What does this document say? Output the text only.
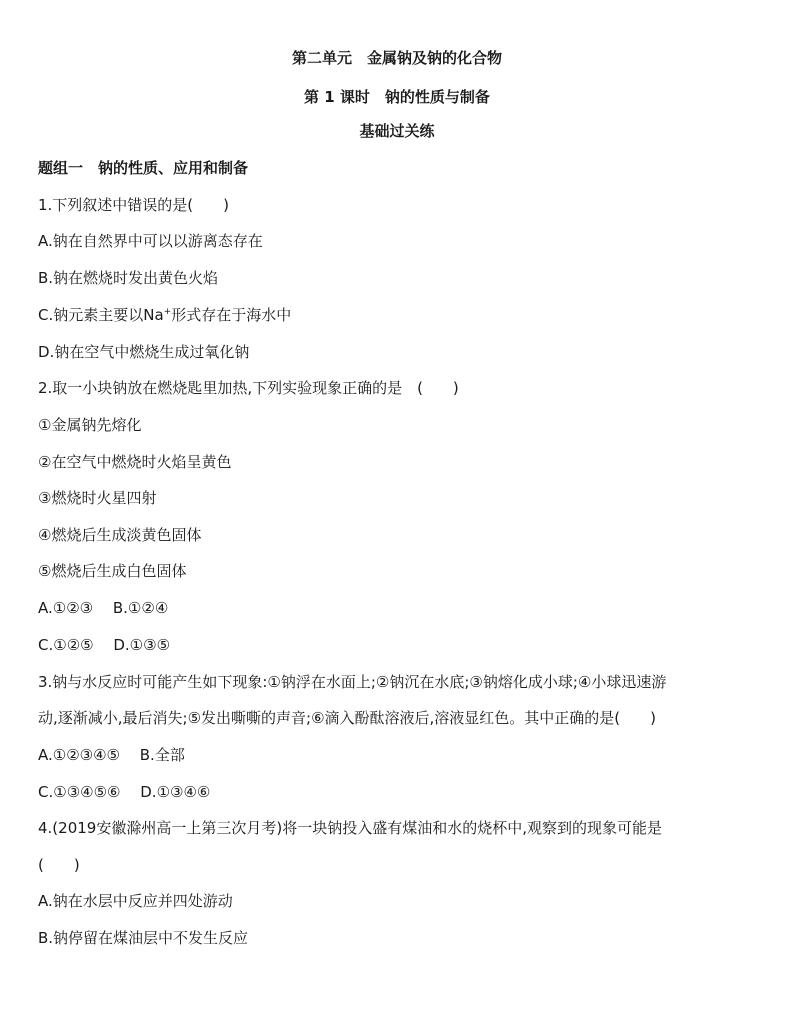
第二单元　金属钠及钠的化合物
第 1 课时　钠的性质与制备
基础过关练
题组一　钠的性质、应用和制备
1.下列叙述中错误的是(　　)
A.钠在自然界中可以以游离态存在
B.钠在燃烧时发出黄色火焰
C.钠元素主要以Na+形式存在于海水中
D.钠在空气中燃烧生成过氧化钠
2.取一小块钠放在燃烧匙里加热,下列实验现象正确的是　(　　)
①金属钠先熔化
②在空气中燃烧时火焰呈黄色
③燃烧时火星四射
④燃烧后生成淡黄色固体
⑤燃烧后生成白色固体
A.①②③　 B.①②④
C.①②⑤　 D.①③⑤
3.钠与水反应时可能产生如下现象:①钠浮在水面上;②钠沉在水底;③钠熔化成小球;④小球迅速游
动,逐渐减小,最后消失;⑤发出嘶嘶的声音;⑥滴入酚酞溶液后,溶液显红色。其中正确的是(　　)
A.①②③④⑤　 B.全部
C.①③④⑤⑥　 D.①③④⑥
4.(2019安徽滁州高一上第三次月考)将一块钠投入盛有煤油和水的烧杯中,观察到的现象可能是
(　　)
A.钠在水层中反应并四处游动
B.钠停留在煤油层中不发生反应
